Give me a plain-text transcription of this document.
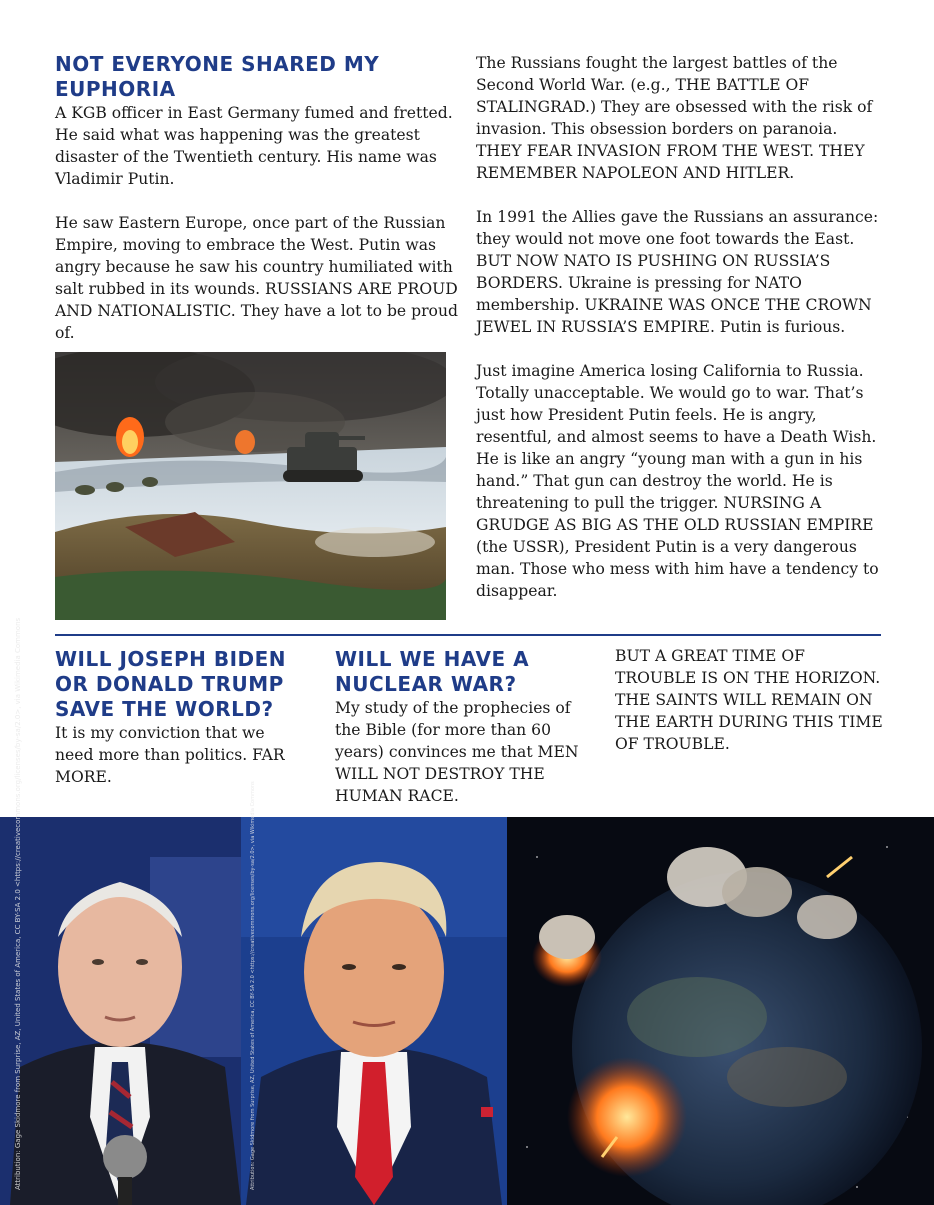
NOT EVERYONE SHARED MY
EUPHORIA

A KGB officer in East Germany fumed and fretted. He said what was happening was the greatest disaster of the Twentieth century. His name was Vladimir Putin.

He saw Eastern Europe, once part of the Russian Empire, moving to embrace the West. Putin was angry because he saw his country humiliated with salt rubbed in its wounds. RUSSIANS ARE PROUD AND NATIONALISTIC. They have a lot to be proud of.

The Russians fought the largest battles of the Second World War. (e.g., THE BATTLE OF STALINGRAD.) They are obsessed with the risk of invasion. This obsession borders on paranoia. THEY FEAR INVASION FROM THE WEST. THEY REMEMBER NAPOLEON AND HITLER.

In 1991 the Allies gave the Russians an assurance: they would not move one foot towards the East. BUT NOW NATO IS PUSHING ON RUSSIA’S BORDERS. Ukraine is pressing for NATO membership. UKRAINE WAS ONCE THE CROWN JEWEL IN RUSSIA’S EMPIRE. Putin is furious.

Just imagine America losing California to Russia. Totally unacceptable. We would go to war. That’s just how President Putin feels. He is angry, resentful, and almost seems to have a Death Wish. He is like an angry “young man with a gun in his hand.” That gun can destroy the world. He is threatening to pull the trigger. NURSING A GRUDGE AS BIG AS THE OLD RUSSIAN EMPIRE (the USSR), President Putin is a very dangerous man. Those who mess with him have a tendency to disappear.

WILL JOSEPH BIDEN
OR DONALD TRUMP
SAVE THE WORLD?
It is my conviction that we need more than politics. FAR MORE.
WILL WE HAVE A
NUCLEAR WAR?
My study of the prophecies of the Bible (for more than 60 years) convinces me that MEN WILL NOT DESTROY THE HUMAN RACE.
BUT A GREAT TIME OF TROUBLE IS ON THE HORIZON. THE SAINTS WILL REMAIN ON THE EARTH DURING THIS TIME OF TROUBLE.
Attribution: Gage Skidmore from Surprise, AZ, United States of America, CC BY-SA 2.0 <https://creativecommons.org/licenses/by-sa/2.0>, via Wikimedia Commons	Attribution: Gage Skidmore from Surprise, AZ, United States of America, CC BY-SA 2.0 <https://creativecommons.org/licenses/by-sa/2.0>, via Wikimedia Commons
